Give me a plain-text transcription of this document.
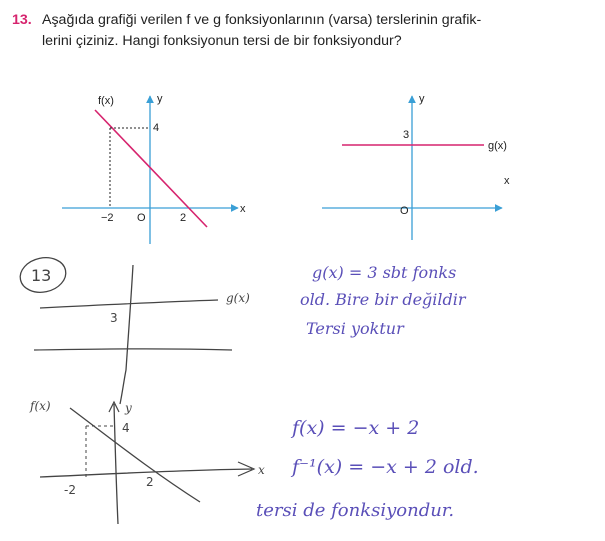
13. Aşağıda grafiği verilen f ve g fonksiyonlarının (varsa) terslerinin grafik-
lerini çiziniz. Hangi fonksiyonun tersi de bir fonksiyondur?
f(x)	y
4
x
−2 O	2
y
3
g(x)
x
O
13
g(x)
3
f(x)	y
4
2
-2
x
g(x) = 3 sbt fonks
old. Bire bir değildir
Tersi yoktur
f(x) = −x + 2
f⁻¹(x) = −x + 2 old.
tersi de fonksiyondur.
